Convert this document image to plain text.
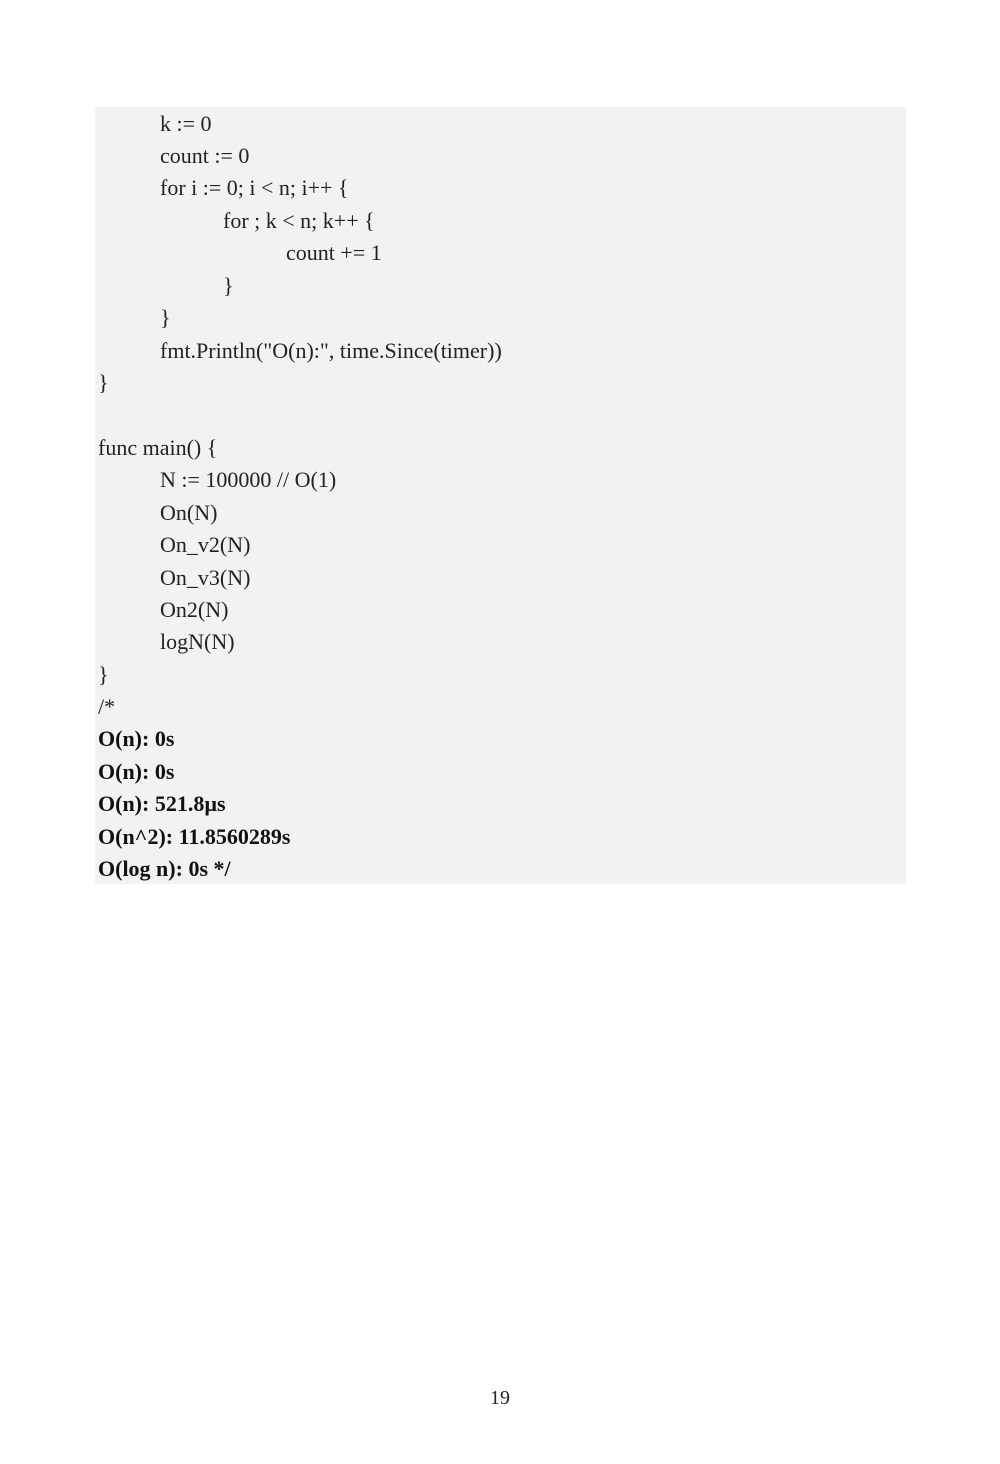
k := 0
count := 0
for i := 0; i < n; i++ {
for ; k < n; k++ {
count += 1
}
}
fmt.Println("O(n):", time.Since(timer))
}
func main() {
N := 100000 // O(1)
On(N)
On_v2(N)
On_v3(N)
On2(N)
logN(N)
}
/*
O(n): 0s
O(n): 0s
O(n): 521.8µs
O(n^2): 11.8560289s
O(log n): 0s */
19
